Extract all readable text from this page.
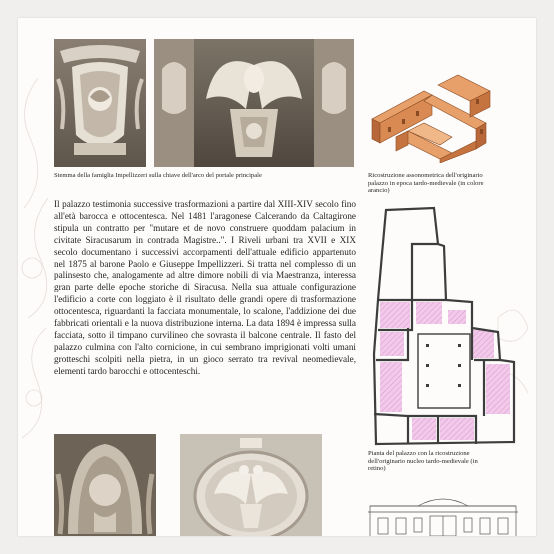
Stemma della famiglia Impellizzeri sulla chiave dell'arco del portale principale	Ricostruzione assonometrica dell'originario palazzo in epoca tardo-medievale (in colore arancio)
Pianta del palazzo con la ricostruzione dell'originario nucleo tardo-medievale (in retino)

Il palazzo testimonia successive trasformazioni a partire dal XIII-XIV secolo fino all'età barocca e ottocentesca. Nel 1481 l'aragonese Calcerando da Caltagirone stipula un contratto per "mutare et de novo construere quoddam palacium in civitate Siracusarum in contrada Magistre..". I Riveli urbani tra XVII e XIX secolo documentano i successivi accorpamenti dell'attuale edificio appartenuto nel 1875 al barone Paolo e Giuseppe Impellizzeri. Si tratta nel complesso di un palinsesto che, analogamente ad altre dimore nobili di via Maestranza, interessa gran parte delle epoche storiche di Siracusa. Nella sua attuale configurazione l'edificio a corte con loggiato è il risultato delle grandi opere di trasformazione ottocentesca, riguardanti la facciata monumentale, lo scalone, l'addizione dei due fabbricati orientali e la nuova distribuzione interna. La data 1894 è impressa sulla facciata, sotto il timpano curvilineo che sovrasta il balcone centrale. Il fasto del palazzo culmina con l'alto cornicione, in cui sembrano imprigionati volti umani grotteschi scolpiti nella pietra, in un gioco serrato tra revival neomedievale, elementi tardo barocchi e ottocenteschi.
